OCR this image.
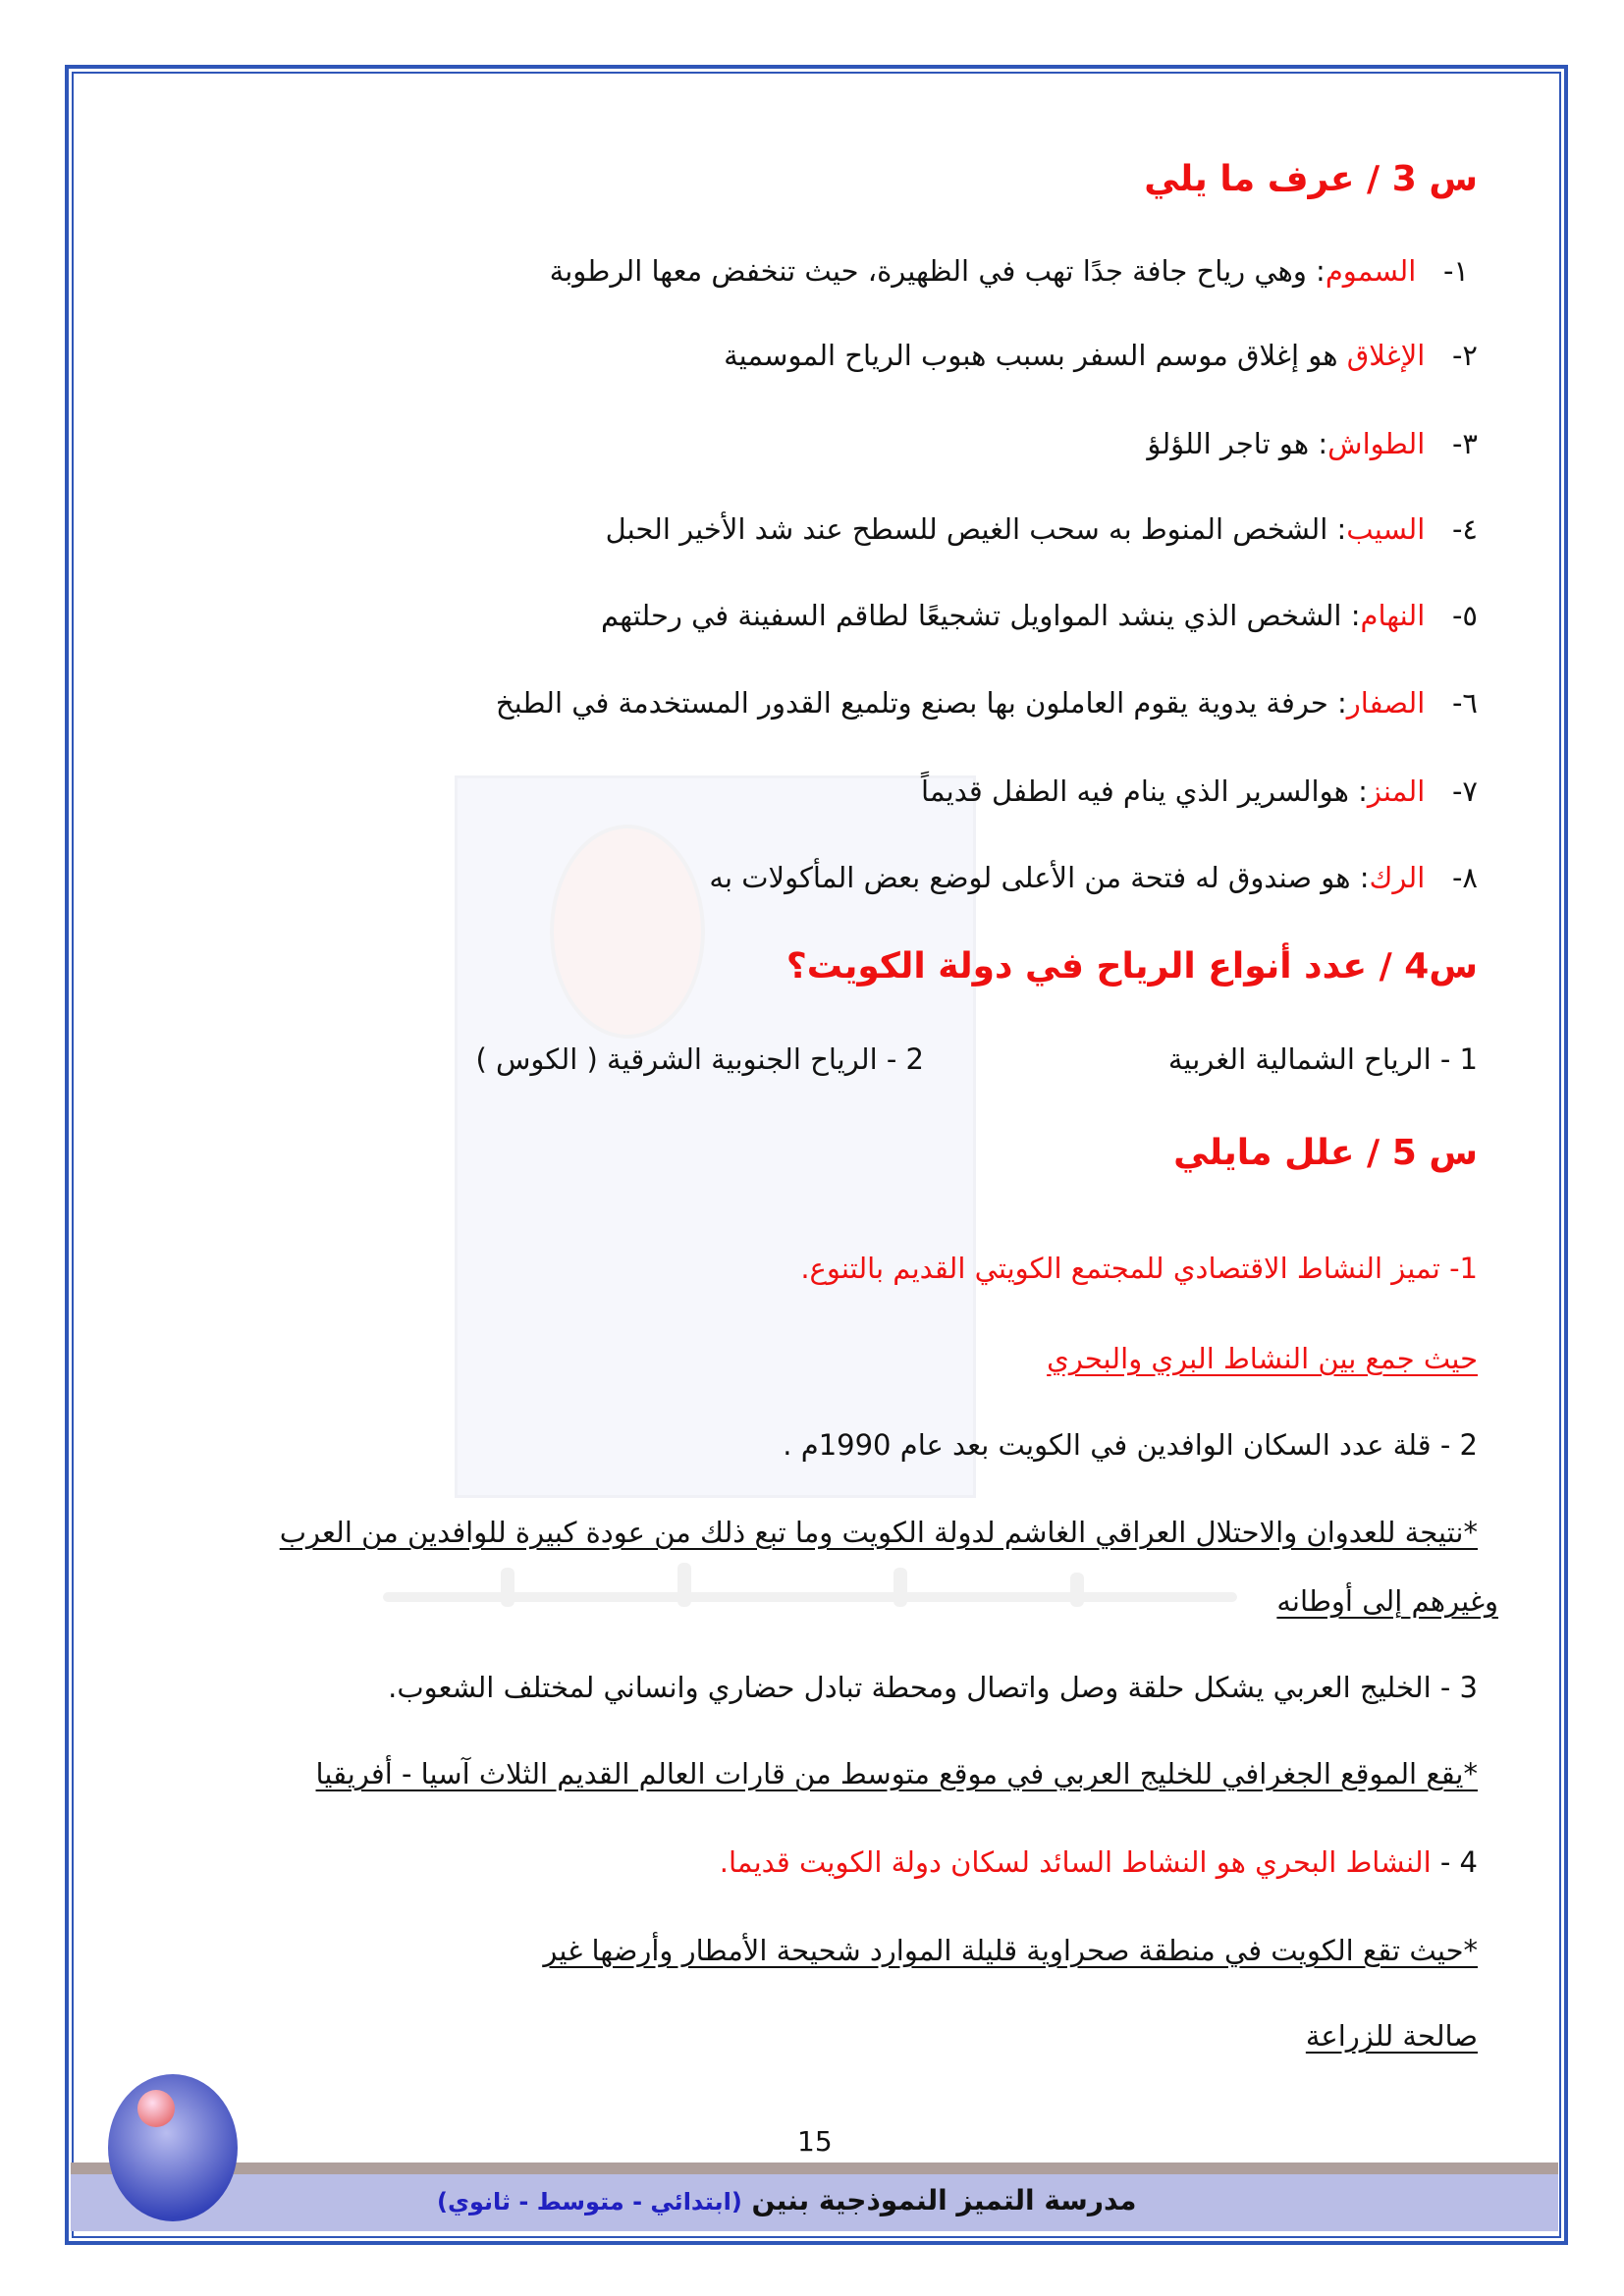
س 3 / عرف ما يلي
١-   السموم: وهي رياح جافة جدًا تهب في الظهيرة، حيث تنخفض معها الرطوبة
٢-   الإغلاق هو إغلاق موسم السفر بسبب هبوب الرياح الموسمية
٣-   الطواش: هو تاجر اللؤلؤ
٤-   السيب: الشخص المنوط به سحب الغيص للسطح عند شد الأخير الحبل
٥-   النهام: الشخص الذي ينشد المواويل تشجيعًا لطاقم السفينة في رحلتهم
٦-   الصفار: حرفة يدوية يقوم العاملون بها بصنع وتلميع القدور المستخدمة في الطبخ
٧-   المنز: هوالسرير الذي ينام فيه الطفل قديماً
٨-   الرك: هو صندوق له فتحة من الأعلى لوضع بعض المأكولات به
س4 / عدد أنواع الرياح في دولة الكويت؟
1 - الرياح الشمالية الغربية
2 - الرياح الجنوبية الشرقية ( الكوس )
س 5 / علل مايلي
1- تميز النشاط الاقتصادي للمجتمع الكويتي القديم بالتنوع.
حيث جمع بين النشاط البري والبحري
2 - قلة عدد السكان الوافدين في الكويت بعد عام 1990م .
*نتيجة للعدوان والاحتلال العراقي الغاشم لدولة الكويت وما تبع ذلك من عودة كبيرة للوافدين من العرب
وغيرهم إلى أوطانه
3 - الخليج العربي يشكل حلقة وصل واتصال ومحطة تبادل حضاري وانساني لمختلف الشعوب.
*يقع الموقع الجغرافي للخليج العربي في موقع متوسط من قارات العالم القديم الثلاث آسيا - أفريقيا
4 - النشاط البحري هو النشاط السائد لسكان دولة الكويت قديما.
*حيث تقع الكويت في منطقة صحراوية قليلة الموارد شحيحة الأمطار وأرضها غير
صالحة للزراعة
15
مدرسة التميز النموذجية بنين (ابتدائي - متوسط - ثانوي)
